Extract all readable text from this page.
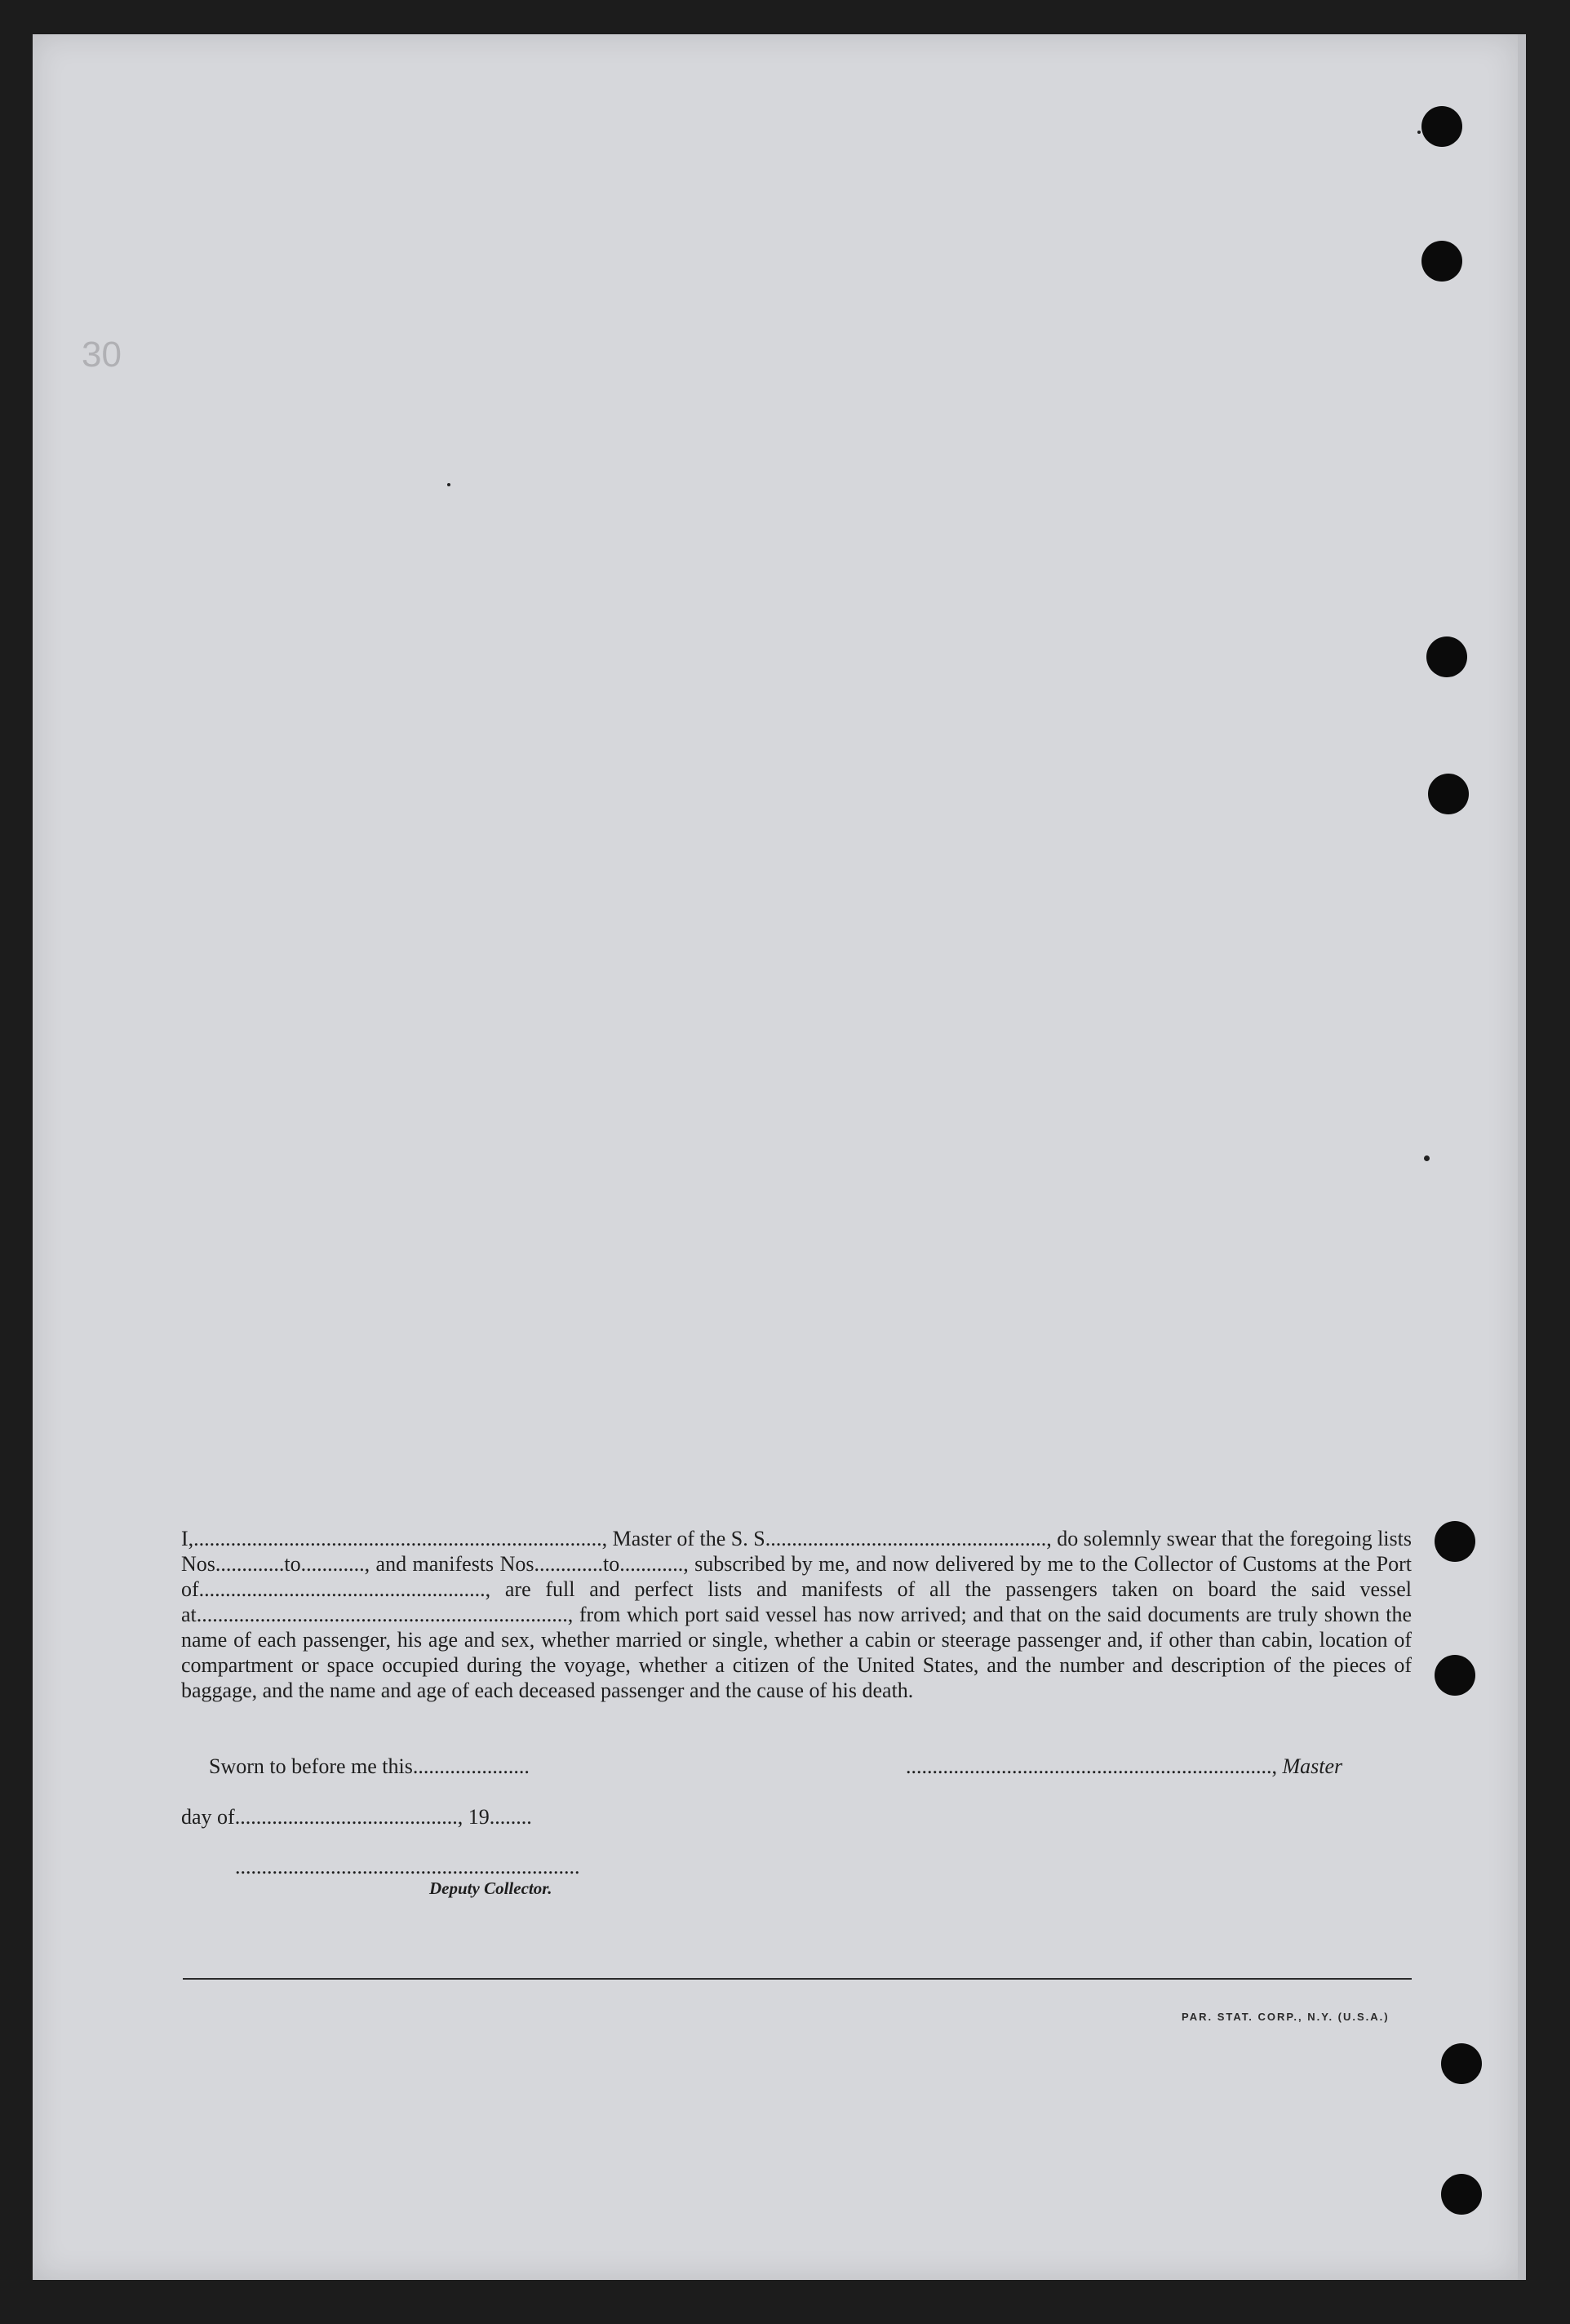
30

I,............................................................................., Master of the S. S....................................................., do solemnly swear that the foregoing lists Nos.............to............, and manifests Nos.............to............, subscribed by me, and now delivered by me to the Collector of Customs at the Port of......................................................, are full and perfect lists and manifests of all the passengers taken on board the said vessel at......................................................................, from which port said vessel has now arrived; and that on the said documents are truly shown the name of each passenger, his age and sex, whether married or single, whether a cabin or steerage passenger and, if other than cabin, location of compartment or space occupied during the voyage, whether a citizen of the United States, and the number and description of the pieces of baggage, and the name and age of each deceased passenger and the cause of his death.

Sworn to before me this......................	....................................................................., Master
day of.........................................., 19........
.................................................................
Deputy Collector.
PAR. STAT. CORP., N.Y. (U.S.A.)
